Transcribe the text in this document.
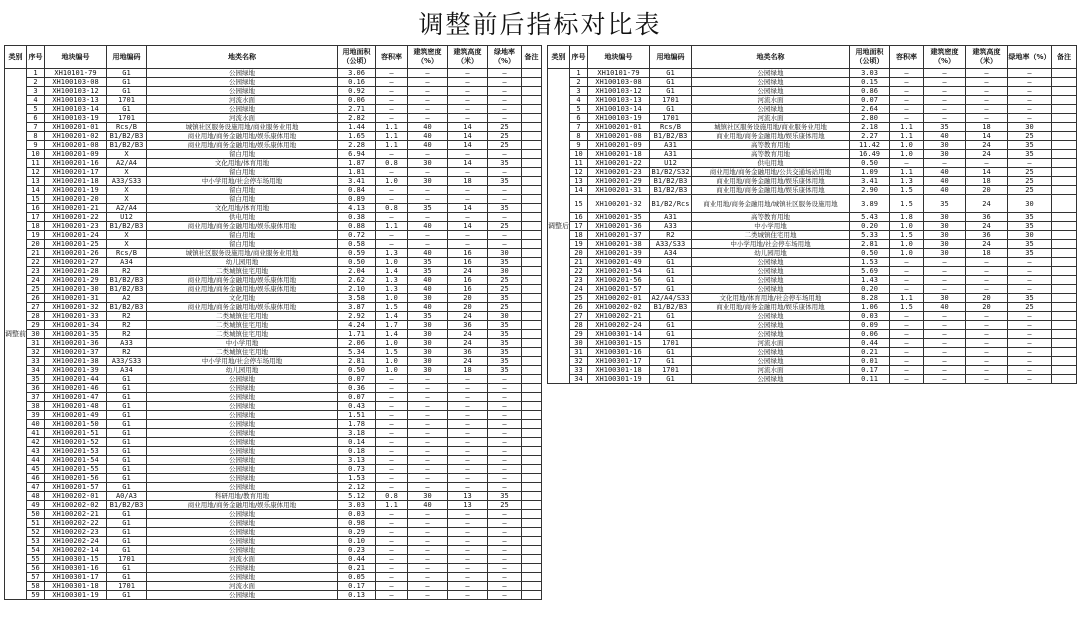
调整前后指标对比表
类别	序号	地块编号	用地编码	地类名称	用地面积（公顷）	容积率	建筑密度（%）	建筑高度（米）	绿地率（%）	备注
调整前	1	XH10101-79	G1	公园绿地	3.06	—	—	—	—	
	2	XH100103-08	G1	公园绿地	0.16	—	—	—	—	
	3	XH100103-12	G1	公园绿地	0.92	—	—	—	—	
	4	XH100103-13	1701	河流水面	0.06	—	—	—	—	
	5	XH100103-14	G1	公园绿地	2.71	—	—	—	—	
	6	XH100103-19	1701	河流水面	2.82	—	—	—	—	
	7	XH100201-01	Rcs/B	城镇社区服务设施用地/商业服务业用地	1.44	1.1	40	14	25	
	8	XH100201-02	B1/B2/B3	商业用地/商务金融用地/娱乐康体用地	1.65	1.1	40	14	25	
	9	XH100201-08	B1/B2/B3	商业用地/商务金融用地/娱乐康体用地	2.28	1.1	40	14	25	
	10	XH100201-09	X	留白用地	6.94	—	—	—	—	
	11	XH100201-16	A2/A4	文化用地/体育用地	1.87	0.8	30	14	35	
	12	XH100201-17	X	留白用地	1.81	—	—	—	—	
	13	XH100201-18	A33/S33	中小学用地/社会停车场用地	3.41	1.0	30	18	35	
	14	XH100201-19	X	留白用地	0.84	—	—	—	—	
	15	XH100201-20	X	留白用地	0.89	—	—	—	—	
	16	XH100201-21	A2/A4	文化用地/体育用地	4.13	0.8	35	14	35	
	17	XH100201-22	U12	供电用地	0.38	—	—	—	—	
	18	XH100201-23	B1/B2/B3	商业用地/商务金融用地/娱乐康体用地	0.88	1.1	40	14	25	
	19	XH100201-24	X	留白用地	0.72	—	—	—	—	
	20	XH100201-25	X	留白用地	0.58	—	—	—	—	
	21	XH100201-26	Rcs/B	城镇社区服务设施用地/商业服务业用地	0.59	1.3	40	16	30	
	22	XH100201-27	A34	幼儿园用地	0.50	1.0	35	16	35	
	23	XH100201-28	R2	二类城镇住宅用地	2.04	1.4	35	24	30	
	24	XH100201-29	B1/B2/B3	商业用地/商务金融用地/娱乐康体用地	2.62	1.3	40	16	25	
	25	XH100201-30	B1/B2/B3	商业用地/商务金融用地/娱乐康体用地	2.10	1.3	40	16	25	
	26	XH100201-31	A2	文化用地	3.58	1.0	30	20	35	
	27	XH100201-32	B1/B2/B3	商业用地/商务金融用地/娱乐康体用地	3.87	1.5	40	20	25	
	28	XH100201-33	R2	二类城镇住宅用地	2.92	1.4	35	24	30	
	29	XH100201-34	R2	二类城镇住宅用地	4.24	1.7	30	36	35	
	30	XH100201-35	R2	二类城镇住宅用地	1.71	1.4	30	24	35	
	31	XH100201-36	A33	中小学用地	2.06	1.0	30	24	35	
	32	XH100201-37	R2	二类城镇住宅用地	5.34	1.5	30	36	35	
	33	XH100201-38	A33/S33	中小学用地/社会停车场用地	2.81	1.0	30	24	35	
	34	XH100201-39	A34	幼儿园用地	0.50	1.0	30	18	35	
	35	XH100201-44	G1	公园绿地	0.07	—	—	—	—	
	36	XH100201-46	G1	公园绿地	0.36	—	—	—	—	
	37	XH100201-47	G1	公园绿地	0.07	—	—	—	—	
	38	XH100201-48	G1	公园绿地	0.43	—	—	—	—	
	39	XH100201-49	G1	公园绿地	1.51	—	—	—	—	
	40	XH100201-50	G1	公园绿地	1.78	—	—	—	—	
	41	XH100201-51	G1	公园绿地	3.18	—	—	—	—	
	42	XH100201-52	G1	公园绿地	0.14	—	—	—	—	
	43	XH100201-53	G1	公园绿地	0.18	—	—	—	—	
	44	XH100201-54	G1	公园绿地	3.13	—	—	—	—	
	45	XH100201-55	G1	公园绿地	0.73	—	—	—	—	
	46	XH100201-56	G1	公园绿地	1.53	—	—	—	—	
	47	XH100201-57	G1	公园绿地	2.12	—	—	—	—	
	48	XH100202-01	A0/A3	科研用地/教育用地	5.12	0.8	30	13	35	
	49	XH100202-02	B1/B2/B3	商业用地/商务金融用地/娱乐康体用地	3.03	1.1	40	13	25	
	50	XH100202-21	G1	公园绿地	0.03	—	—	—	—	
	51	XH100202-22	G1	公园绿地	0.98	—	—	—	—	
	52	XH100202-23	G1	公园绿地	0.29	—	—	—	—	
	53	XH100202-24	G1	公园绿地	0.10	—	—	—	—	
	54	XH100202-14	G1	公园绿地	0.23	—	—	—	—	
	55	XH100301-15	1701	河流水面	0.44	—	—	—	—	
	56	XH100301-16	G1	公园绿地	0.21	—	—	—	—	
	57	XH100301-17	G1	公园绿地	0.05	—	—	—	—	
	58	XH100301-18	1701	河流水面	0.17	—	—	—	—	
	59	XH100301-19	G1	公园绿地	0.13	—	—	—	—	
类别	序号	地块编号	用地编码	地类名称	用地面积（公顷）	容积率	建筑密度（%）	建筑高度（米）	绿地率（%）	备注
调整后	1	XH10101-79	G1	公园绿地	3.03	—	—	—	—	
	2	XH100103-08	G1	公园绿地	0.15	—	—	—	—	
	3	XH100103-12	G1	公园绿地	0.86	—	—	—	—	
	4	XH100103-13	1701	河流水面	0.07	—	—	—	—	
	5	XH100103-14	G1	公园绿地	2.64	—	—	—	—	
	6	XH100103-19	1701	河流水面	2.80	—	—	—	—	
	7	XH100201-01	Rcs/B	城镇社区服务设施用地/商业服务业用地	2.18	1.1	35	18	30	
	8	XH100201-08	B1/B2/B3	商业用地/商务金融用地/娱乐康体用地	2.27	1.1	40	14	25	
	9	XH100201-09	A31	高等教育用地	11.42	1.0	30	24	35	
	10	XH100201-18	A31	高等教育用地	16.49	1.0	30	24	35	
	11	XH100201-22	U12	供电用地	0.50	—	—	—	—	
	12	XH100201-23	B1/B2/S32	商业用地/商务金融用地/公共交通场站用地	1.09	1.1	40	14	25	
	13	XH100201-29	B1/B2/B3	商业用地/商务金融用地/娱乐康体用地	3.41	1.3	40	18	25	
	14	XH100201-31	B1/B2/B3	商业用地/商务金融用地/娱乐康体用地	2.90	1.5	40	20	25	
	15	XH100201-32	B1/B2/Rcs	商业用地/商务金融用地/城镇社区服务设施用地	3.89	1.5	35	24	30	
	16	XH100201-35	A31	高等教育用地	5.43	1.8	30	36	35	
	17	XH100201-36	A33	中小学用地	0.20	1.0	30	24	35	
	18	XH100201-37	R2	二类城镇住宅用地	5.33	1.5	30	36	30	
	19	XH100201-38	A33/S33	中小学用地/社会停车场用地	2.81	1.0	30	24	35	
	20	XH100201-39	A34	幼儿园用地	0.50	1.0	30	18	35	
	21	XH100201-49	G1	公园绿地	1.53	—	—	—	—	
	22	XH100201-54	G1	公园绿地	5.69	—	—	—	—	
	23	XH100201-56	G1	公园绿地	1.43	—	—	—	—	
	24	XH100201-57	G1	公园绿地	0.20	—	—	—	—	
	25	XH100202-01	A2/A4/S33	文化用地/体育用地/社会停车场用地	8.28	1.1	30	20	35	
	26	XH100202-02	B1/B2/B3	商业用地/商务金融用地/娱乐康体用地	1.06	1.5	40	20	25	
	27	XH100202-21	G1	公园绿地	0.03	—	—	—	—	
	28	XH100202-24	G1	公园绿地	0.09	—	—	—	—	
	29	XH100301-14	G1	公园绿地	0.06	—	—	—	—	
	30	XH100301-15	1701	河流水面	0.44	—	—	—	—	
	31	XH100301-16	G1	公园绿地	0.21	—	—	—	—	
	32	XH100301-17	G1	公园绿地	0.01	—	—	—	—	
	33	XH100301-18	1701	河流水面	0.17	—	—	—	—	
	34	XH100301-19	G1	公园绿地	0.11	—	—	—	—	
